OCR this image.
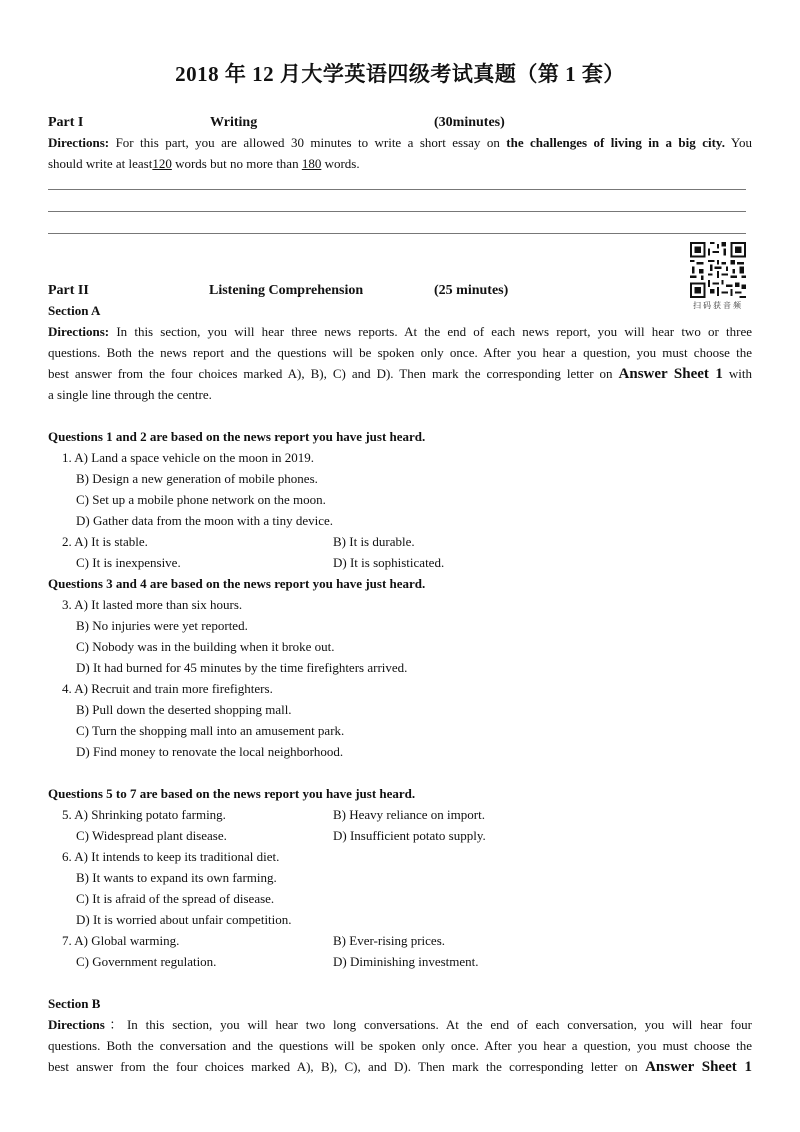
2018 年 12 月大学英语四级考试真题（第 1 套）
Part I	Writing	(30minutes)
Directions: For this part, you are allowed 30 minutes to write a short essay on the challenges of living in a big city. You
should write at least120 words but no more than 180 words.
扫码获音频
Part II	Listening Comprehension	(25 minutes)
Section A
Directions: In this section, you will hear three news reports. At the end of each news report, you will hear two or three
questions. Both the news report and the questions will be spoken only once. After you hear a question, you must choose the
best answer from the four choices marked A), B), C) and D). Then mark the corresponding letter on Answer Sheet 1 with
a single line through the centre.
Questions 1 and 2 are based on the news report you have just heard.
1. A) Land a space vehicle on the moon in 2019.
B) Design a new generation of mobile phones.
C) Set up a mobile phone network on the moon.
D) Gather data from the moon with a tiny device.
2. A) It is stable.	B) It is durable.
C) It is inexpensive.	D) It is sophisticated.
Questions 3 and 4 are based on the news report you have just heard.
3. A) It lasted more than six hours.
B) No injuries were yet reported.
C) Nobody was in the building when it broke out.
D) It had burned for 45 minutes by the time firefighters arrived.
4. A) Recruit and train more firefighters.
B) Pull down the deserted shopping mall.
C) Turn the shopping mall into an amusement park.
D) Find money to renovate the local neighborhood.
Questions 5 to 7 are based on the news report you have just heard.
5. A) Shrinking potato farming.	B) Heavy reliance on import.
C) Widespread plant disease.	D) Insufficient potato supply.
6. A) It intends to keep its traditional diet.
B) It wants to expand its own farming.
C) It is afraid of the spread of disease.
D) It is worried about unfair competition.
7. A) Global warming.	B) Ever-rising prices.
C) Government regulation.	D) Diminishing investment.
Section B
Directions：In this section, you will hear two long conversations. At the end of each conversation, you will hear four
questions. Both the conversation and the questions will be spoken only once. After you hear a question, you must choose the
best answer from the four choices marked A), B), C), and D). Then mark the corresponding letter on Answer Sheet 1
